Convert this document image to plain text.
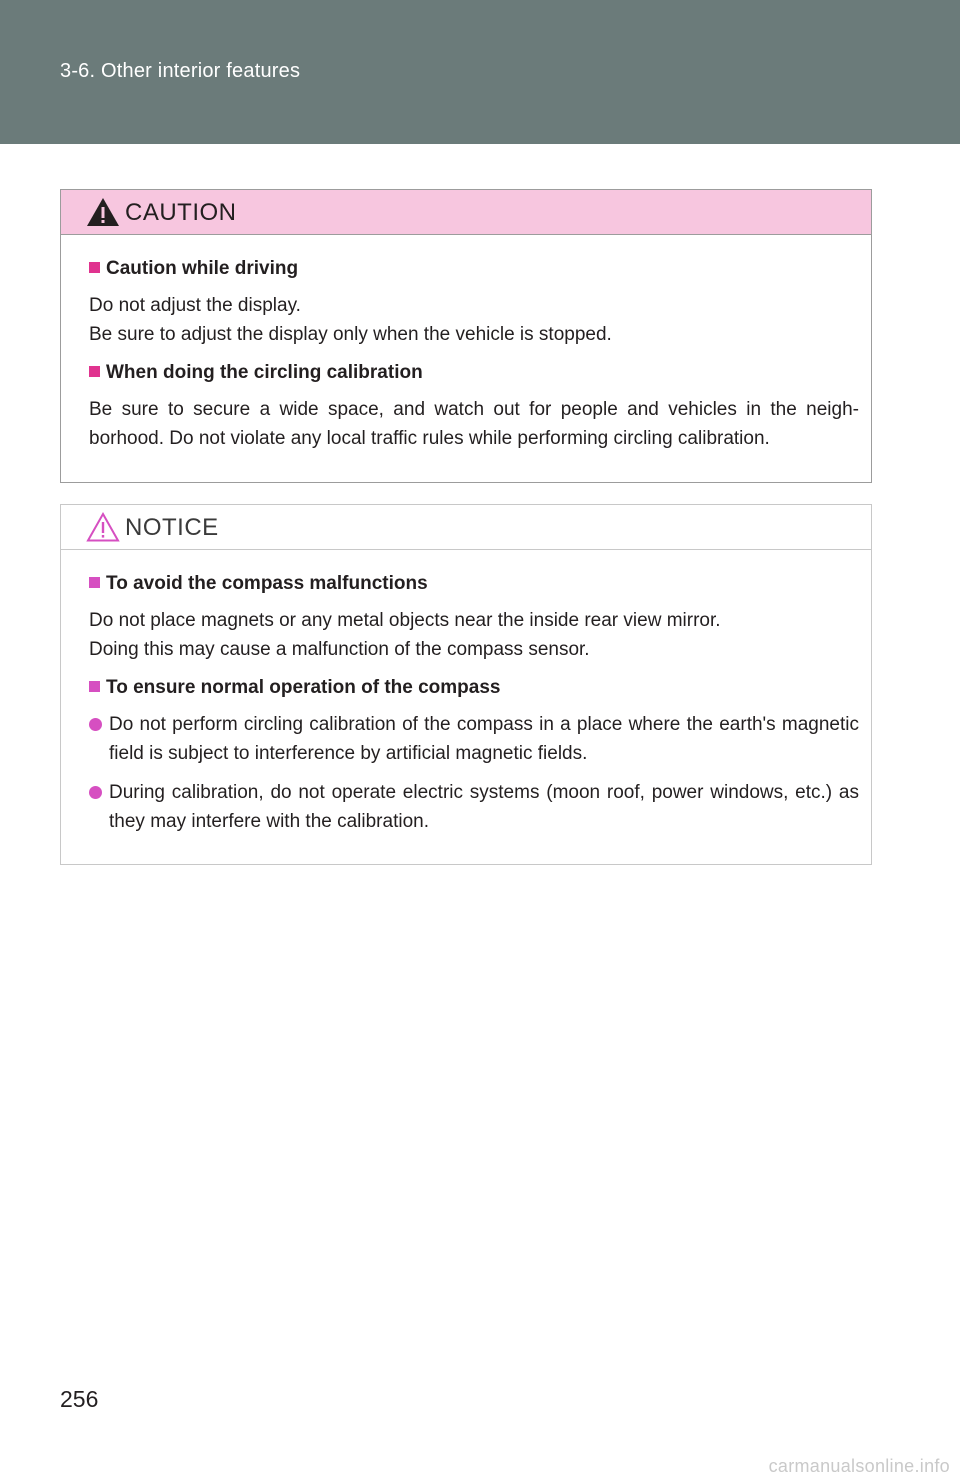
3-6. Other interior features
CAUTION
Caution while driving
Do not adjust the display.
Be sure to adjust the display only when the vehicle is stopped.
When doing the circling calibration
Be sure to secure a wide space, and watch out for people and vehicles in the neigh-borhood. Do not violate any local traffic rules while performing circling calibration.
NOTICE
To avoid the compass malfunctions
Do not place magnets or any metal objects near the inside rear view mirror.
Doing this may cause a malfunction of the compass sensor.
To ensure normal operation of the compass
Do not perform circling calibration of the compass in a place where the earth's magnetic field is subject to interference by artificial magnetic fields.
During calibration, do not operate electric systems (moon roof, power windows, etc.) as they may interfere with the calibration.
256
carmanualsonline.info
